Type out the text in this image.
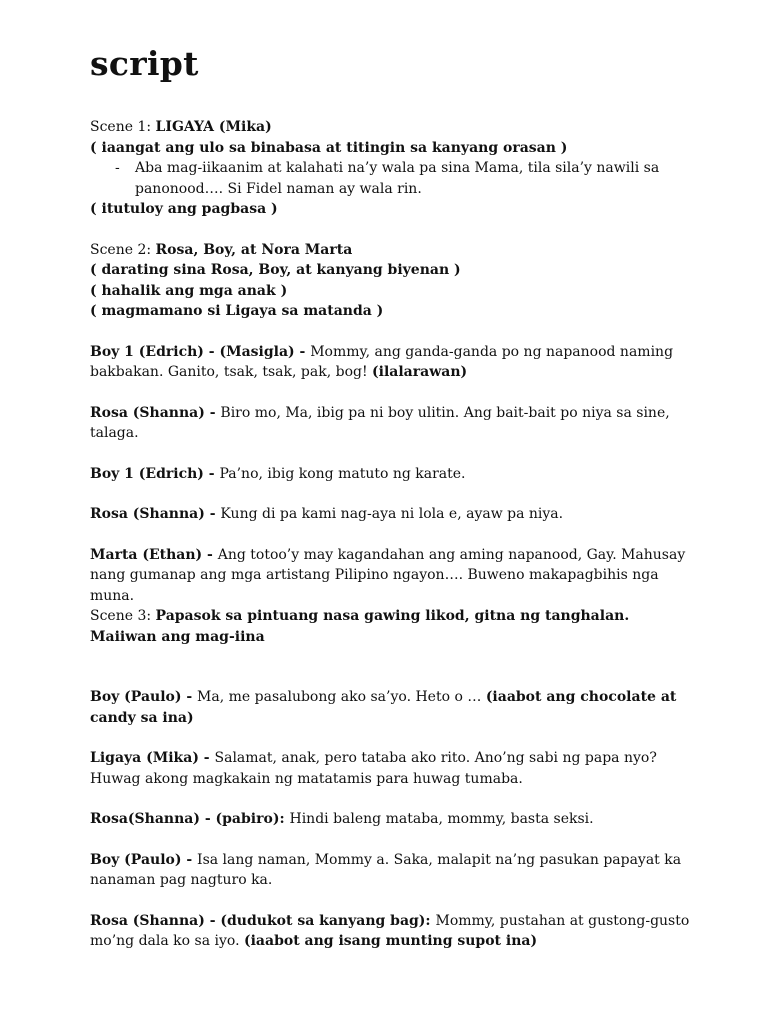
script
Scene 1: LIGAYA (Mika)
( iaangat ang ulo sa binabasa at titingin sa kanyang orasan )
- Aba mag-iikaanim at kalahati na’y wala pa sina Mama, tila sila’y nawili sa panonood…. Si Fidel naman ay wala rin.
( itutuloy ang pagbasa )
Scene 2: Rosa, Boy, at Nora Marta
( darating sina Rosa, Boy, at kanyang biyenan )
( hahalik ang mga anak )
( magmamano si Ligaya sa matanda )

Boy 1 (Edrich) - (Masigla) - Mommy, ang ganda-ganda po ng napanood naming bakbakan. Ganito, tsak, tsak, pak, bog! (ilalarawan)

Rosa (Shanna) - Biro mo, Ma, ibig pa ni boy ulitin. Ang bait-bait po niya sa sine, talaga.

Boy 1 (Edrich) - Pa’no, ibig kong matuto ng karate.

Rosa (Shanna) - Kung di pa kami nag-aya ni lola e, ayaw pa niya.

Marta (Ethan) - Ang totoo’y may kagandahan ang aming napanood, Gay. Mahusay nang gumanap ang mga artistang Pilipino ngayon…. Buweno makapagbihis nga muna.

Scene 3: Papasok sa pintuang nasa gawing likod, gitna ng tanghalan. Maiiwan ang mag-iina

Boy (Paulo) - Ma, me pasalubong ako sa’yo. Heto o … (iaabot ang chocolate at candy sa ina)

Ligaya (Mika) - Salamat, anak, pero tataba ako rito. Ano’ng sabi ng papa nyo? Huwag akong magkakain ng matatamis para huwag tumaba.

Rosa(Shanna) - (pabiro): Hindi baleng mataba, mommy, basta seksi.

Boy (Paulo) - Isa lang naman, Mommy a. Saka, malapit na’ng pasukan papayat ka nanaman pag nagturo ka.

Rosa (Shanna) - (dudukot sa kanyang bag): Mommy, pustahan at gustong-gusto mo’ng dala ko sa iyo. (iaabot ang isang munting supot ina)
